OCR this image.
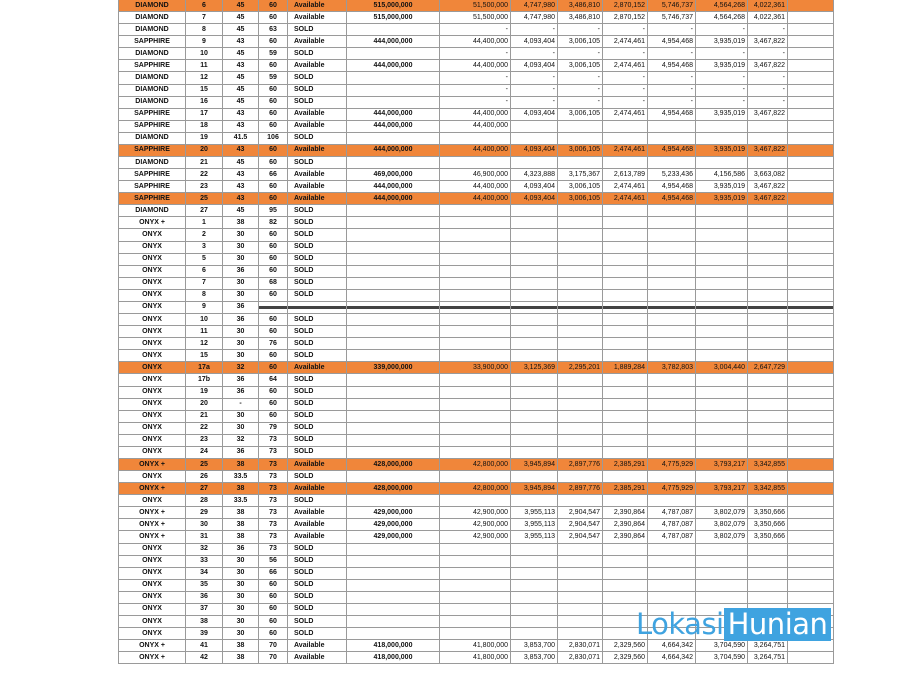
DIAMOND	6	45	60	Available	515,000,000	51,500,000	4,747,980	3,486,810	2,870,152	5,746,737	4,564,268	4,022,361	
DIAMOND	7	45	60	Available	515,000,000	51,500,000	4,747,980	3,486,810	2,870,152	5,746,737	4,564,268	4,022,361	
DIAMOND	8	45	63	SOLD		-	-	-	-	-	-	-	
SAPPHIRE	9	43	60	Available	444,000,000	44,400,000	4,093,404	3,006,105	2,474,461	4,954,468	3,935,019	3,467,822	
DIAMOND	10	45	59	SOLD		-	-	-	-	-	-	-	
SAPPHIRE	11	43	60	Available	444,000,000	44,400,000	4,093,404	3,006,105	2,474,461	4,954,468	3,935,019	3,467,822	
DIAMOND	12	45	59	SOLD		-	-	-	-	-	-	-	
DIAMOND	15	45	60	SOLD		-	-	-	-	-	-	-	
DIAMOND	16	45	60	SOLD		-	-	-	-	-	-	-	
SAPPHIRE	17	43	60	Available	444,000,000	44,400,000	4,093,404	3,006,105	2,474,461	4,954,468	3,935,019	3,467,822	
SAPPHIRE	18	43	60	Available	444,000,000	44,400,000							
DIAMOND	19	41.5	106	SOLD									
SAPPHIRE	20	43	60	Available	444,000,000	44,400,000	4,093,404	3,006,105	2,474,461	4,954,468	3,935,019	3,467,822	
DIAMOND	21	45	60	SOLD									
SAPPHIRE	22	43	66	Available	469,000,000	46,900,000	4,323,888	3,175,367	2,613,789	5,233,436	4,156,586	3,663,082	
SAPPHIRE	23	43	60	Available	444,000,000	44,400,000	4,093,404	3,006,105	2,474,461	4,954,468	3,935,019	3,467,822	
SAPPHIRE	25	43	60	Available	444,000,000	44,400,000	4,093,404	3,006,105	2,474,461	4,954,468	3,935,019	3,467,822	
DIAMOND	27	45	95	SOLD									
ONYX +	1	38	82	SOLD									
ONYX	2	30	60	SOLD									
ONYX	3	30	60	SOLD									
ONYX	5	30	60	SOLD									
ONYX	6	36	60	SOLD									
ONYX	7	30	68	SOLD									
ONYX	8	30	60	SOLD									
ONYX	9	36	

ONYX	10	36	60	SOLD									
ONYX	11	30	60	SOLD									
ONYX	12	30	76	SOLD									
ONYX	15	30	60	SOLD									
ONYX	17a	32	60	Available	339,000,000	33,900,000	3,125,369	2,295,201	1,889,284	3,782,803	3,004,440	2,647,729	
ONYX	17b	36	64	SOLD									
ONYX	19	36	60	SOLD									
ONYX	20	-	60	SOLD									
ONYX	21	30	60	SOLD									
ONYX	22	30	79	SOLD									
ONYX	23	32	73	SOLD									
ONYX	24	36	73	SOLD									
ONYX +	25	38	73	Available	428,000,000	42,800,000	3,945,894	2,897,776	2,385,291	4,775,929	3,793,217	3,342,855	
ONYX	26	33.5	73	SOLD									
ONYX +	27	38	73	Available	428,000,000	42,800,000	3,945,894	2,897,776	2,385,291	4,775,929	3,793,217	3,342,855	
ONYX	28	33.5	73	SOLD									
ONYX +	29	38	73	Available	429,000,000	42,900,000	3,955,113	2,904,547	2,390,864	4,787,087	3,802,079	3,350,666	
ONYX +	30	38	73	Available	429,000,000	42,900,000	3,955,113	2,904,547	2,390,864	4,787,087	3,802,079	3,350,666	
ONYX +	31	38	73	Available	429,000,000	42,900,000	3,955,113	2,904,547	2,390,864	4,787,087	3,802,079	3,350,666	
ONYX	32	36	73	SOLD									
ONYX	33	30	56	SOLD									
ONYX	34	30	66	SOLD									
ONYX	35	30	60	SOLD									
ONYX	36	30	60	SOLD									
ONYX	37	30	60	SOLD									
ONYX	38	30	60	SOLD									
ONYX	39	30	60	SOLD									
ONYX +	41	38	70	Available	418,000,000	41,800,000	3,853,700	2,830,071	2,329,560	4,664,342	3,704,590	3,264,751	
ONYX +	42	38	70	Available	418,000,000	41,800,000	3,853,700	2,830,071	2,329,560	4,664,342	3,704,590	3,264,751	
Lokasi Hunian
